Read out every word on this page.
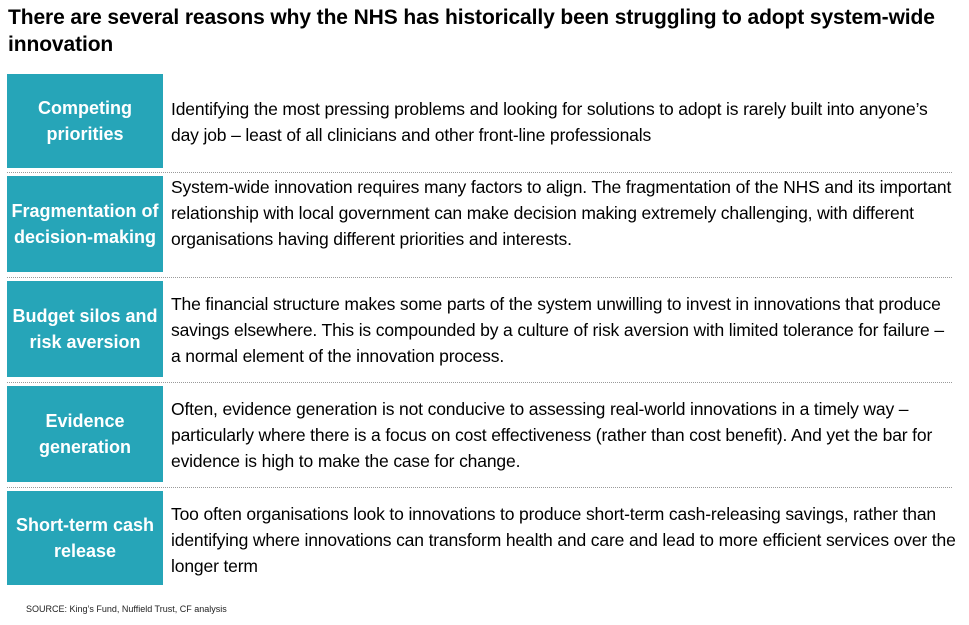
There are several reasons why the NHS has historically been struggling to adopt system-wide innovation
Competing priorities
Identifying the most pressing problems and looking for solutions to adopt is rarely built into anyone’s day job – least of all clinicians and other front-line professionals
Fragmentation of decision-making
System-wide innovation requires many factors to align. The fragmentation of the NHS and its important relationship with local government can make decision making extremely challenging, with different organisations having different priorities and interests.
Budget silos and risk aversion
The financial structure makes some parts of the system unwilling to invest in innovations that produce savings elsewhere. This is compounded by a culture of risk aversion with limited tolerance for failure – a normal element of the innovation process.
Evidence generation
Often, evidence generation is not conducive to assessing real-world innovations in a timely way – particularly where there is a focus on cost effectiveness (rather than cost benefit). And yet the bar for evidence is high to make the case for change.
Short-term cash release
Too often organisations look to innovations to produce short-term cash-releasing savings, rather than identifying where innovations can transform health and care and lead to more efficient services over the longer term
SOURCE: King’s Fund, Nuffield Trust, CF analysis
